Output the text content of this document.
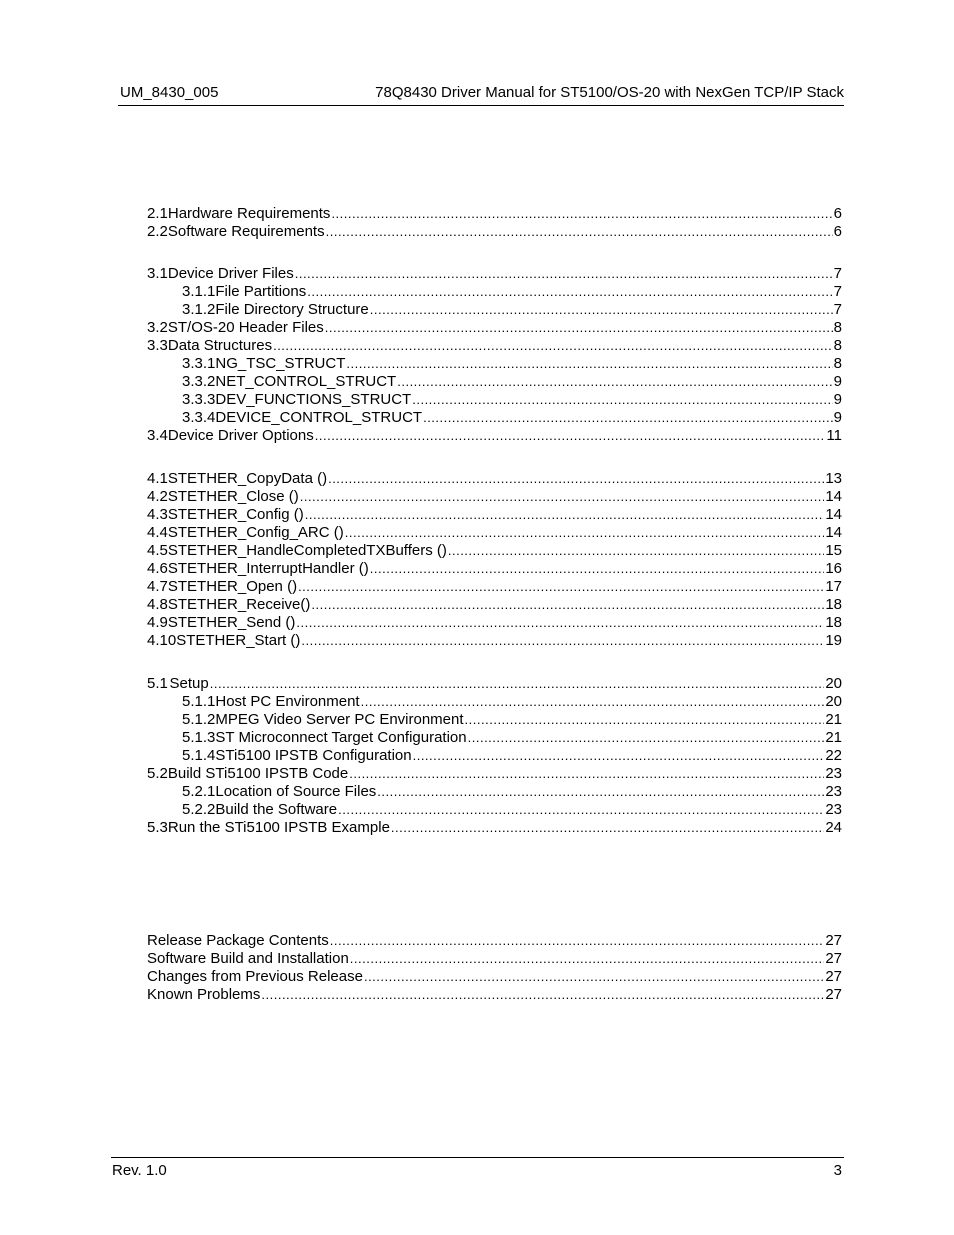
UM_8430_005	78Q8430 Driver Manual for ST5100/OS-20 with NexGen TCP/IP Stack
2.1 Hardware Requirements .....	6
2.2 Software Requirements .....	6
3.1 Device Driver Files .....	7
3.1.1 File Partitions .....	7
3.1.2 File Directory Structure .....	7
3.2 ST/OS-20 Header Files .....	8
3.3 Data Structures .....	8
3.3.1 NG_TSC_STRUCT .....	8
3.3.2 NET_CONTROL_STRUCT .....	9
3.3.3 DEV_FUNCTIONS_STRUCT .....	9
3.3.4 DEVICE_CONTROL_STRUCT .....	9
3.4 Device Driver Options .....	11
4.1 STETHER_CopyData () .....	13
4.2 STETHER_Close () .....	14
4.3 STETHER_Config () .....	14
4.4 STETHER_Config_ARC () .....	14
4.5 STETHER_HandleCompletedTXBuffers () .....	15
4.6 STETHER_InterruptHandler () .....	16
4.7 STETHER_Open () .....	17
4.8 STETHER_Receive() .....	18
4.9 STETHER_Send () .....	18
4.10 STETHER_Start () .....	19
5.1 Setup .....	20
5.1.1 Host PC Environment .....	20
5.1.2 MPEG Video Server PC Environment .....	21
5.1.3 ST Microconnect Target Configuration .....	21
5.1.4 STi5100 IPSTB Configuration .....	22
5.2 Build STi5100 IPSTB Code .....	23
5.2.1 Location of Source Files .....	23
5.2.2 Build the Software .....	23
5.3 Run the STi5100 IPSTB Example .....	24
Release Package Contents .....	27
Software Build and Installation .....	27
Changes from Previous Release .....	27
Known Problems .....	27
Rev. 1.0	3
